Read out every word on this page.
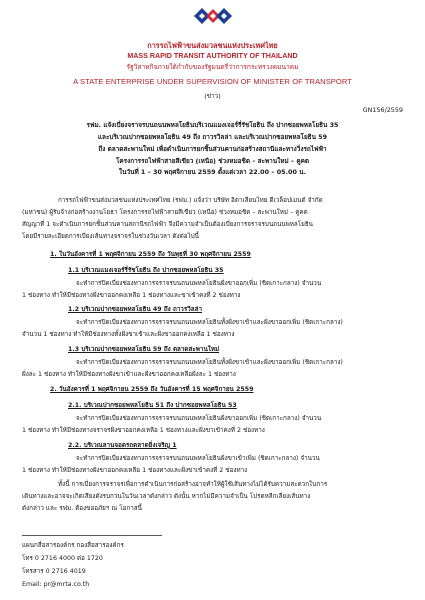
การรถไฟฟ้าขนส่งมวลชนแห่งประเทศไทย
MASS RAPID TRANSIT AUTHORITY OF THAILAND
รัฐวิสาหกิจภายใต้กำกับของรัฐมนตรีว่าการกระทรวงคมนาคม
A STATE ENTERPRISE UNDER SUPERVISION OF MINISTER OF TRANSPORT
(ข่าว)
GN156/2559
รฟม. แจ้งเบี่ยงจราจรบนถนนพหลโยธินบริเวณแมงเจอร์รี่รัชโยธิน ถึง ปากซอยพหลโยธิน 35
และบริเวณปากซอยพหลโยธิน 49 ถึง ถาวรวิลล่า และบริเวณปากซอยพหลโยธิน 59
ถึง ตลาดสะพานใหม่ เพื่อดำเนินการยกชิ้นส่วนคานก่อสร้างสถานีและทางวิ่งรถไฟฟ้า
โครงการรถไฟฟ้าสายสีเขียว (เหนือ) ช่วงหมอชิต – สะพานใหม่ – คูคต
ในวันที่ 1 – 30 พฤศจิกายน 2559 ตั้งแต่เวลา 22.00 – 05.00 น.
การรถไฟฟ้าขนส่งมวลชนแห่งประเทศไทย (รฟม.) แจ้งว่า บริษัท อิตาเลียนไทย ดีเวล็อปเมนต์ จำกัด
(มหาชน) ผู้รับจ้างก่อสร้างงานโยธา โครงการรถไฟฟ้าสายสีเขียว (เหนือ) ช่วงหมอชิต – สะพานใหม่ – คูคต
สัญญาที่ 1 จะดำเนินการยกชิ้นส่วนคานสถานีรถไฟฟ้า จึงมีความจำเป็นต้องเบี่ยงการจราจรบนถนนพหลโยธิน
โดยมีรายละเอียดการเบี่ยงเส้นทางจราจรในช่วงวันเวลา ดังต่อไปนี้
1. ในวันอังคารที่ 1 พฤศจิกายน 2559 ถึง วันพุธที่ 30 พฤศจิกายน 2559
1.1 บริเวณแมงเจอร์รี่รัชโยธิน ถึง ปากซอยพหลโยธิน 35
จะทำการปิดเบี่ยงช่องทางการจราจรบนถนนพหลโยธินฝั่งขาออกเพิ่ม (ชิดเกาะกลาง) จำนวน
1 ช่องทาง ทำให้มีช่องทางฝั่งขาออกคงเหลือ 1 ช่องทางและขาเข้าคงที่ 2 ช่องทาง
1.2 บริเวณปากซอยพหลโยธิน 49 ถึง ถาวรวิลล่า
จะทำการปิดเบี่ยงช่องทางการจราจรบนถนนพหลโยธินทั้งฝั่งขาเข้าและฝั่งขาออกเพิ่ม (ชิดเกาะกลาง)
จำนวน 1 ช่องทาง ทำให้มีช่องทางทั้งฝั่งขาเข้าและฝั่งขาออกคงเหลือ 1 ช่องทาง
1.3 บริเวณปากซอยพหลโยธิน 59 ถึง ตลาดสะพานใหม่
จะทำการปิดเบี่ยงช่องทางการจราจรบนถนนพหลโยธินทั้งฝั่งขาเข้าและฝั่งขาออกเพิ่ม (ชิดเกาะกลาง)
ฝั่งละ 1 ช่องทาง ทำให้มีช่องทางฝั่งขาเข้าและฝั่งขาออกคงเหลือฝั่งละ 1 ช่องทาง
2. วันอังคารที่ 1 พฤศจิกายน 2559 ถึง วันอังคารที่ 15 พฤศจิกายน 2559
2.1. บริเวณปากซอยพหลโยธิน 51 ถึง ปากซอยพหลโยธิน 53
จะทำการปิดเบี่ยงช่องทางการจราจรบนถนนพหลโยธินฝั่งขาออกเพิ่ม (ชิดเกาะกลาง) จำนวน
1 ช่องทาง ทำให้มีช่องทางจราจรฝั่งขาออกคงเหลือ 1 ช่องทางและฝั่งขาเข้าคงที่ 2 ช่องทาง
2.2. บริเวณลานจอดรถตลาดยิ่งเจริญ 1
จะทำการปิดเบี่ยงช่องทางการจราจรบนถนนพหลโยธินฝั่งขาเข้าเพิ่ม (ชิดเกาะกลาง) จำนวน
1 ช่องทาง ทำให้มีช่องทางฝั่งขาออกคงเหลือ 1 ช่องทางและฝั่งขาเข้าคงที่ 2 ช่องทาง
ทั้งนี้ การเบี่ยงการจราจรเพื่อการดำเนินการก่อสร้างอาจทำให้ผู้ใช้เส้นทางไม่ได้รับความสะดวกในการ
เดินทางและอาจจะเกิดเสียงดังรบกวนในวันเวลาดังกล่าว ดังนั้น หากไม่มีความจำเป็น โปรดหลีกเลี่ยงเส้นทาง
ดังกล่าว และ รฟม. ต้องขออภัยฯ ณ โอกาสนี้
แผนกสื่อสารองค์กร กองสื่อสารองค์กร
โทร 0 2716 4000 ต่อ 1720
โทรสาร 0 2716 4019
Email: pr@mrta.co.th
